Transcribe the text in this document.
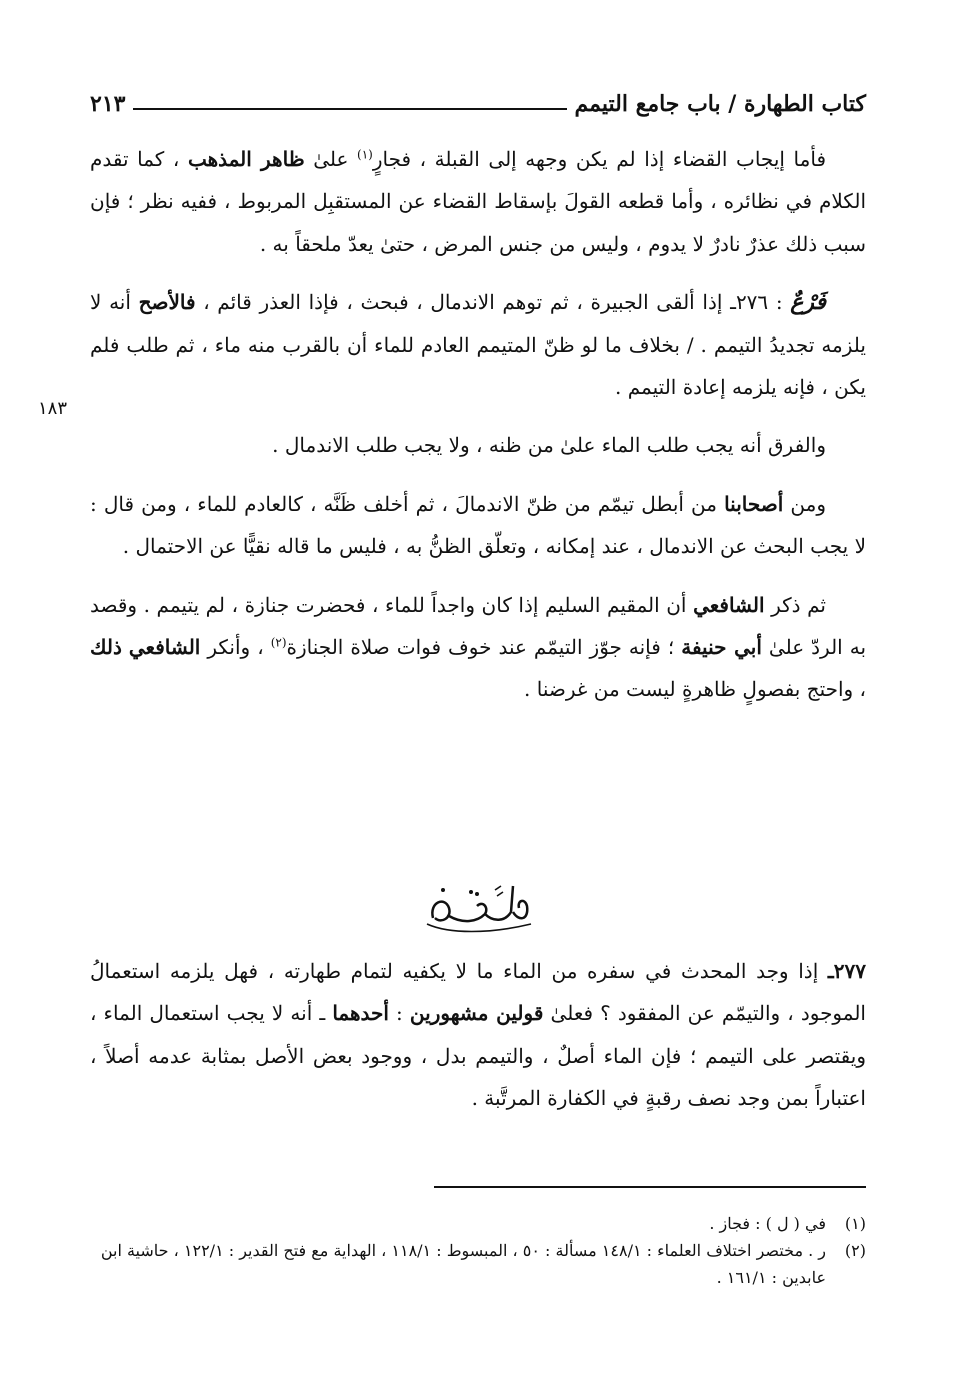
كتاب الطهارة / باب جامع التيمم
٢١٣
١٨٣

فأما إيجاب القضاء إذا لم يكن وجهه إلى القبلة ، فجارٍ$^{(١)}$ علىٰ ظاهر المذهب ، كما تقدم الكلام في نظائره ، وأما قطعه القولَ بإسقاط القضاء عن المستقبِل المربوط ، ففيه نظر ؛ فإن سبب ذلك عذرٌ نادرٌ لا يدوم ، وليس من جنس المرض ، حتىٰ يعدّ ملحقاً به .

فَرْعٌ : ٢٧٦ـ إذا ألقى الجبيرة ، ثم توهم الاندمال ، فبحث ، فإذا العذر قائم ، فالأصح أنه لا يلزمه تجديدُ التيمم . / بخلاف ما لو ظنّ المتيمم العادم للماء أن بالقرب منه ماء ، ثم طلب فلم يكن ، فإنه يلزمه إعادة التيمم .

والفرق أنه يجب طلب الماء علىٰ من ظنه ، ولا يجب طلب الاندمال .

ومن أصحابنا من أبطل تيمّم من ظنّ الاندمالَ ، ثم أخلف ظَنَّه ، كالعادم للماء ، ومن قال : لا يجب البحث عن الاندمال ، عند إمكانه ، وتعلّق الظنُّ به ، فليس ما قاله نقيًّا عن الاحتمال .

ثم ذكر الشافعي أن المقيم السليم إذا كان واجداً للماء ، فحضرت جنازة ، لم يتيمم . وقصد به الردّ علىٰ أبي حنيفة ؛ فإنه جوّز التيمّم عند خوف فوات صلاة الجنازة$^{(٢)}$ ، وأنكر الشافعي ذلك ، واحتج بفصولٍ ظاهرةٍ ليست من غرضنا .

٢٧٧ـ إذا وجد المحدث في سفره من الماء ما لا يكفيه لتمام طهارته ، فهل يلزمه استعمالُ الموجود ، والتيمّم عن المفقود ؟ فعلىٰ قولين مشهورين : أحدهما ـ أنه لا يجب استعمال الماء ، ويقتصر على التيمم ؛ فإن الماء أصلٌ ، والتيمم بدل ، ووجود بعض الأصل بمثابة عدمه أصلاً ، اعتباراً بمن وجد نصف رقبةٍ في الكفارة المرتَّبة .

(١)
في ( ل ) : فجاز .

(٢)
ر . مختصر اختلاف العلماء : ١٤٨/١ مسألة : ٥٠ ، المبسوط : ١١٨/١ ، الهداية مع فتح القدير : ١٢٢/١ ، حاشية ابن عابدين : ١٦١/١ .
